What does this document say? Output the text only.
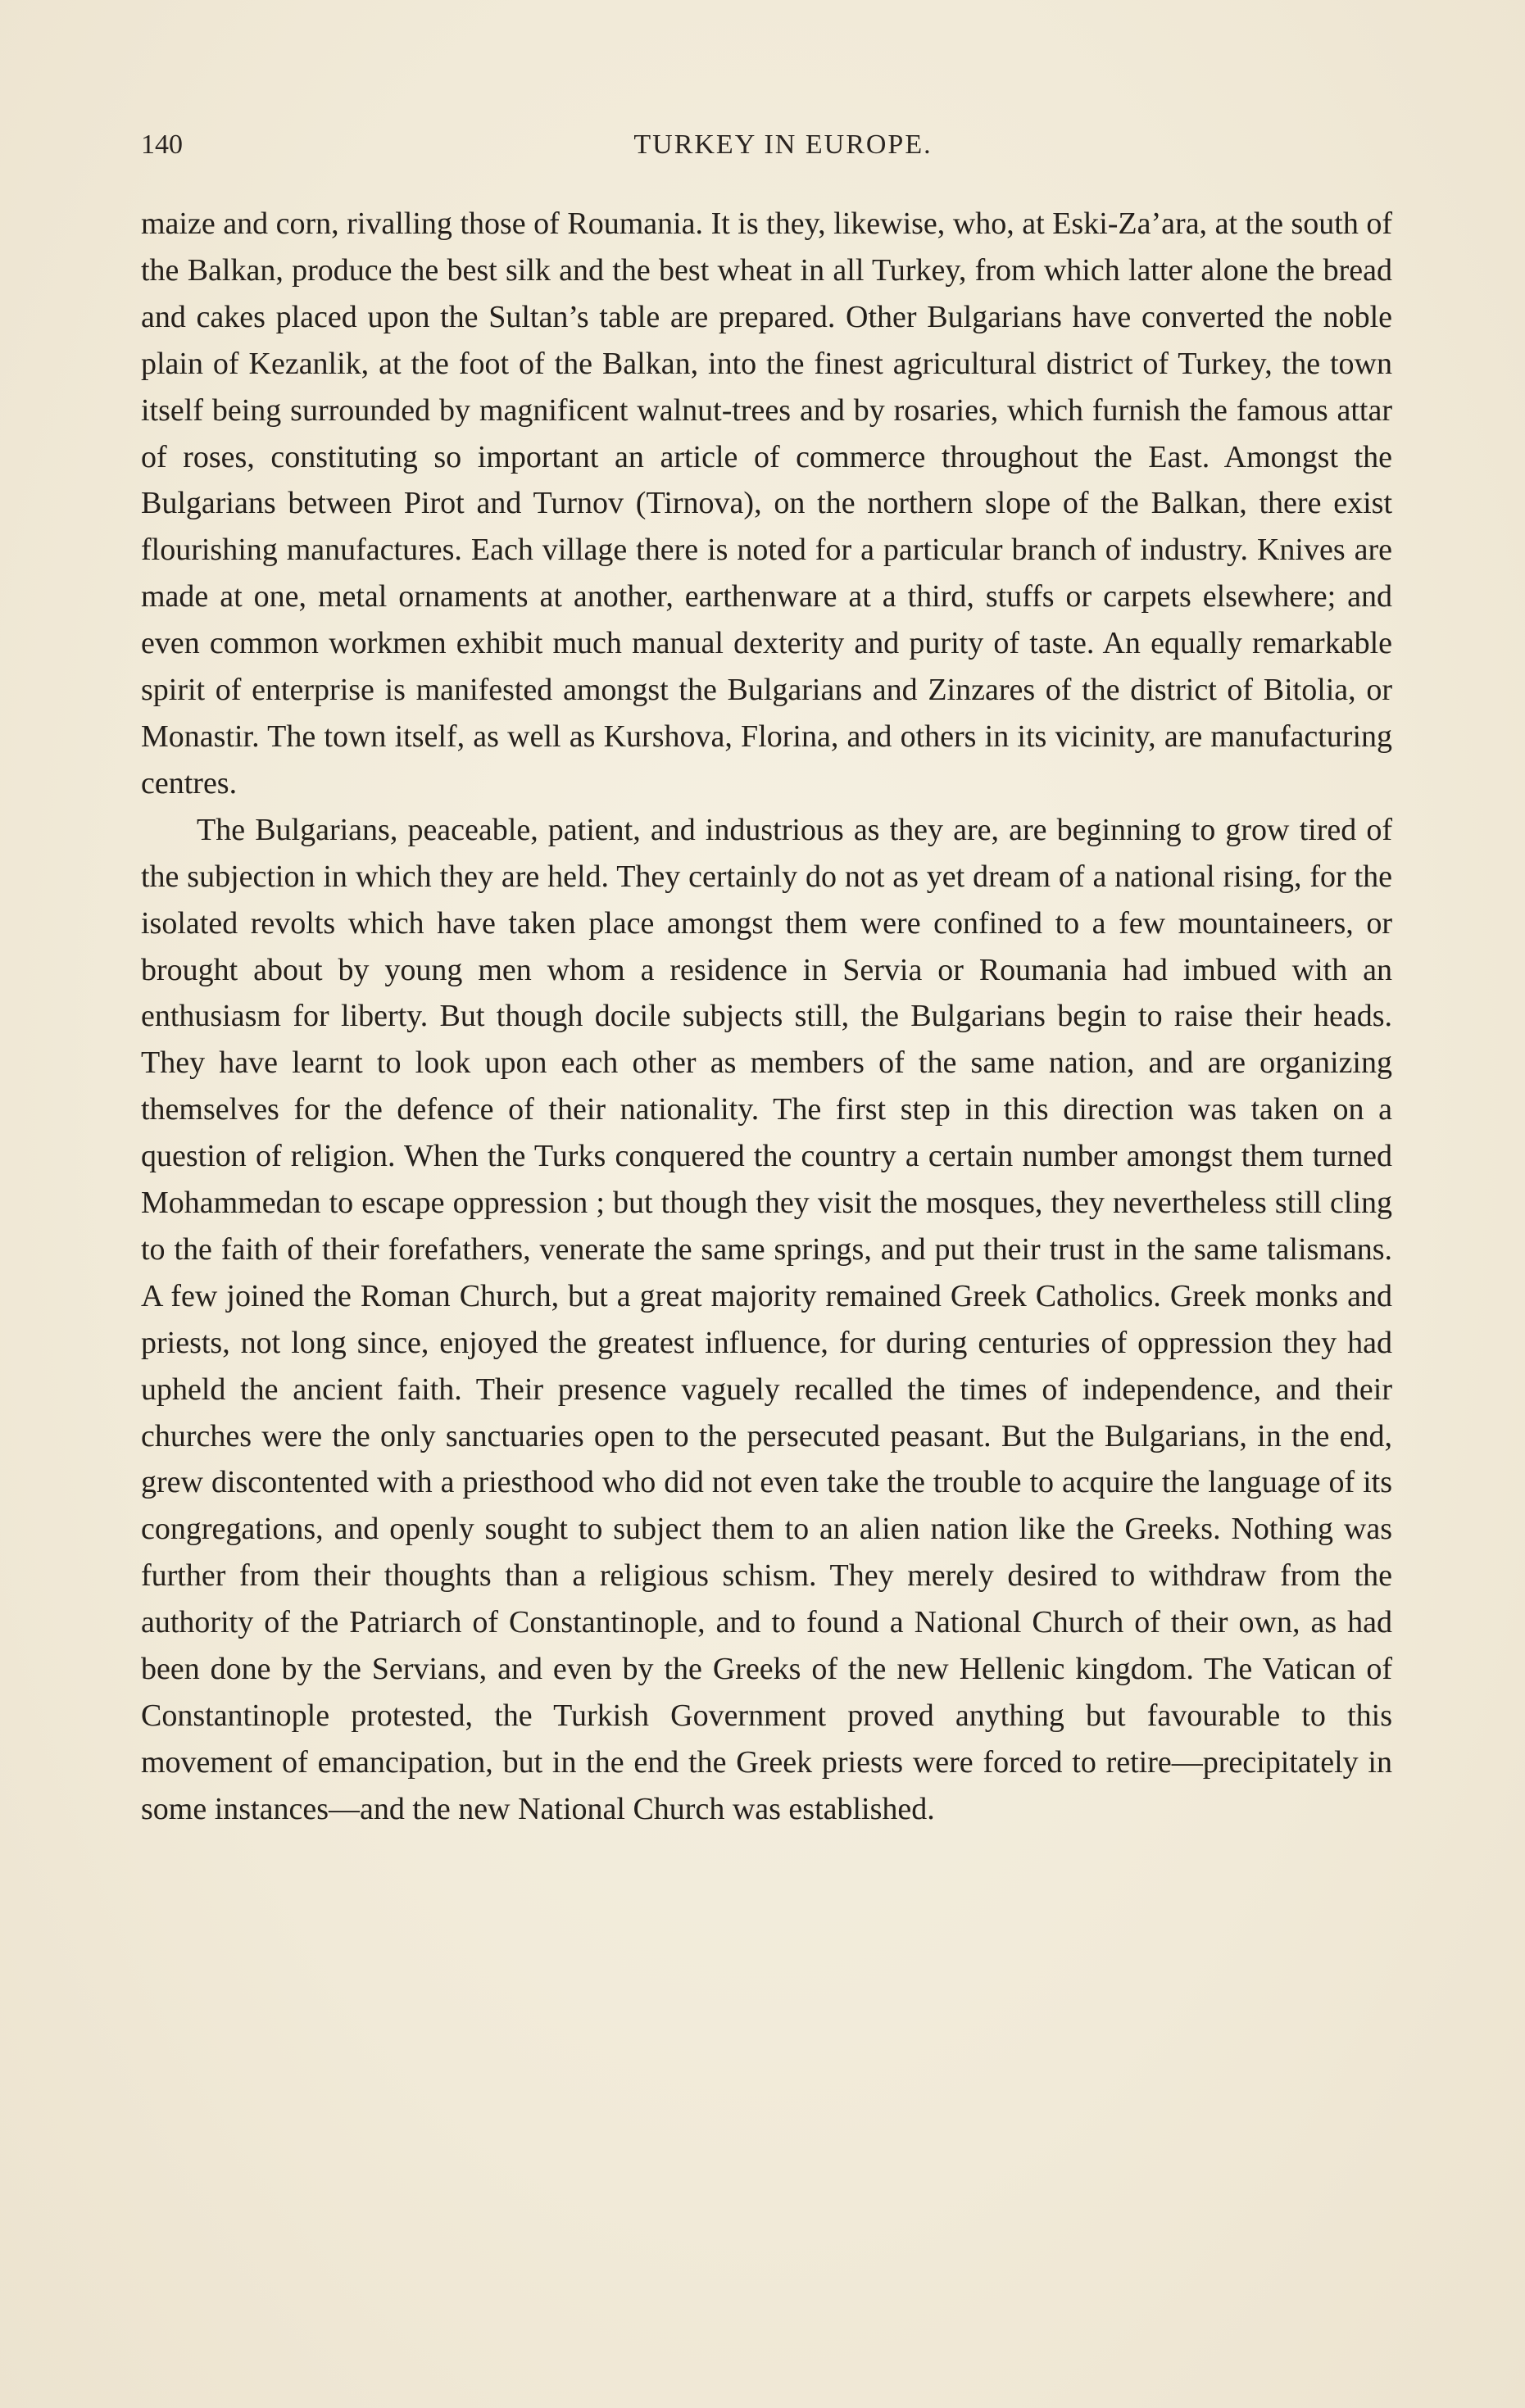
140	TURKEY IN EUROPE.

maize and corn, rivalling those of Roumania. It is they, likewise, who, at Eski-Za’ara, at the south of the Balkan, produce the best silk and the best wheat in all Turkey, from which latter alone the bread and cakes placed upon the Sultan’s table are prepared. Other Bulgarians have converted the noble plain of Kezanlik, at the foot of the Balkan, into the finest agricultural district of Turkey, the town itself being surrounded by magnificent walnut-trees and by rosaries, which furnish the famous attar of roses, constituting so important an article of commerce throughout the East. Amongst the Bulgarians between Pirot and Turnov (Tirnova), on the northern slope of the Balkan, there exist flourishing manufactures. Each village there is noted for a particular branch of industry. Knives are made at one, metal ornaments at another, earthenware at a third, stuffs or carpets elsewhere; and even common workmen exhibit much manual dexterity and purity of taste. An equally remarkable spirit of enterprise is manifested amongst the Bulgarians and Zinzares of the district of Bitolia, or Monastir. The town itself, as well as Kurshova, Florina, and others in its vicinity, are manufacturing centres.

The Bulgarians, peaceable, patient, and industrious as they are, are beginning to grow tired of the subjection in which they are held. They certainly do not as yet dream of a national rising, for the isolated revolts which have taken place amongst them were confined to a few mountaineers, or brought about by young men whom a residence in Servia or Roumania had imbued with an enthusiasm for liberty. But though docile subjects still, the Bulgarians begin to raise their heads. They have learnt to look upon each other as members of the same nation, and are organizing themselves for the defence of their nationality. The first step in this direction was taken on a question of religion. When the Turks conquered the country a certain number amongst them turned Mohammedan to escape oppression ; but though they visit the mosques, they nevertheless still cling to the faith of their forefathers, venerate the same springs, and put their trust in the same talismans. A few joined the Roman Church, but a great majority remained Greek Catholics. Greek monks and priests, not long since, enjoyed the greatest influence, for during centuries of oppression they had upheld the ancient faith. Their presence vaguely recalled the times of independence, and their churches were the only sanctuaries open to the persecuted peasant. But the Bulgarians, in the end, grew discontented with a priesthood who did not even take the trouble to acquire the language of its congregations, and openly sought to subject them to an alien nation like the Greeks. Nothing was further from their thoughts than a religious schism. They merely desired to withdraw from the authority of the Patriarch of Constantinople, and to found a National Church of their own, as had been done by the Servians, and even by the Greeks of the new Hellenic kingdom. The Vatican of Constantinople protested, the Turkish Government proved anything but favourable to this movement of emancipation, but in the end the Greek priests were forced to retire—precipitately in some instances—and the new National Church was established.
